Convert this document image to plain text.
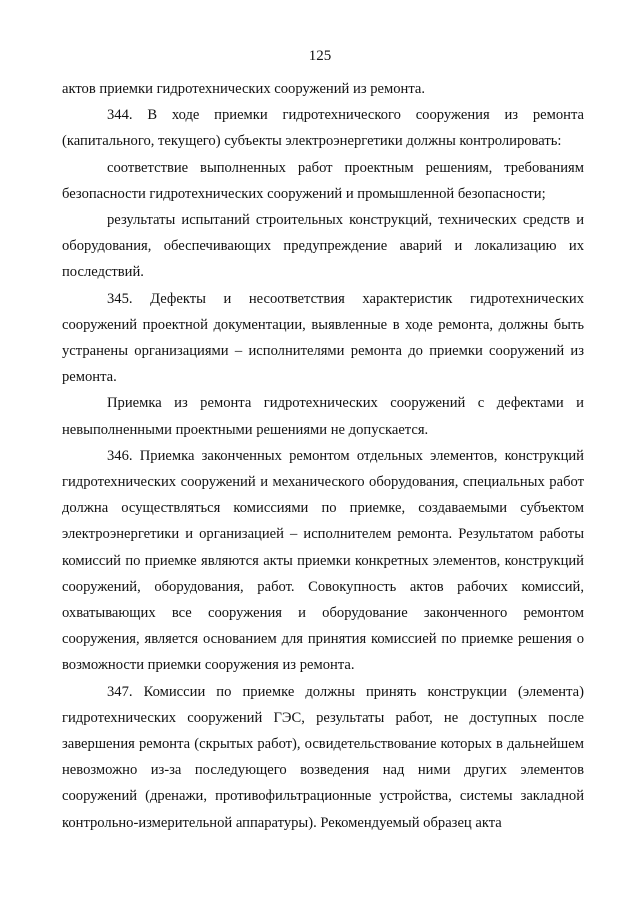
125

актов приемки гидротехнических сооружений из ремонта.

344. В ходе приемки гидротехнического сооружения из ремонта (капитального, текущего) субъекты электроэнергетики должны контролировать:

соответствие выполненных работ проектным решениям, требованиям безопасности гидротехнических сооружений и промышленной безопасности;

результаты испытаний строительных конструкций, технических средств и оборудования, обеспечивающих предупреждение аварий и локализацию их последствий.

345. Дефекты и несоответствия характеристик гидротехнических сооружений проектной документации, выявленные в ходе ремонта, должны быть устранены организациями – исполнителями ремонта до приемки сооружений из ремонта.

Приемка из ремонта гидротехнических сооружений с дефектами и невыполненными проектными решениями не допускается.

346. Приемка законченных ремонтом отдельных элементов, конструкций гидротехнических сооружений и механического оборудования, специальных работ должна осуществляться комиссиями по приемке, создаваемыми субъектом электроэнергетики и организацией – исполнителем ремонта. Результатом работы комиссий по приемке являются акты приемки конкретных элементов, конструкций сооружений, оборудования, работ. Совокупность актов рабочих комиссий, охватывающих все сооружения и оборудование законченного ремонтом сооружения, является основанием для принятия комиссией по приемке решения о возможности приемки сооружения из ремонта.

347. Комиссии по приемке должны принять конструкции (элемента) гидротехнических сооружений ГЭС, результаты работ, не доступных после завершения ремонта (скрытых работ), освидетельствование которых в дальнейшем невозможно из-за последующего возведения над ними других элементов сооружений (дренажи, противофильтрационные устройства, системы закладной контрольно-измерительной аппаратуры). Рекомендуемый образец акта
